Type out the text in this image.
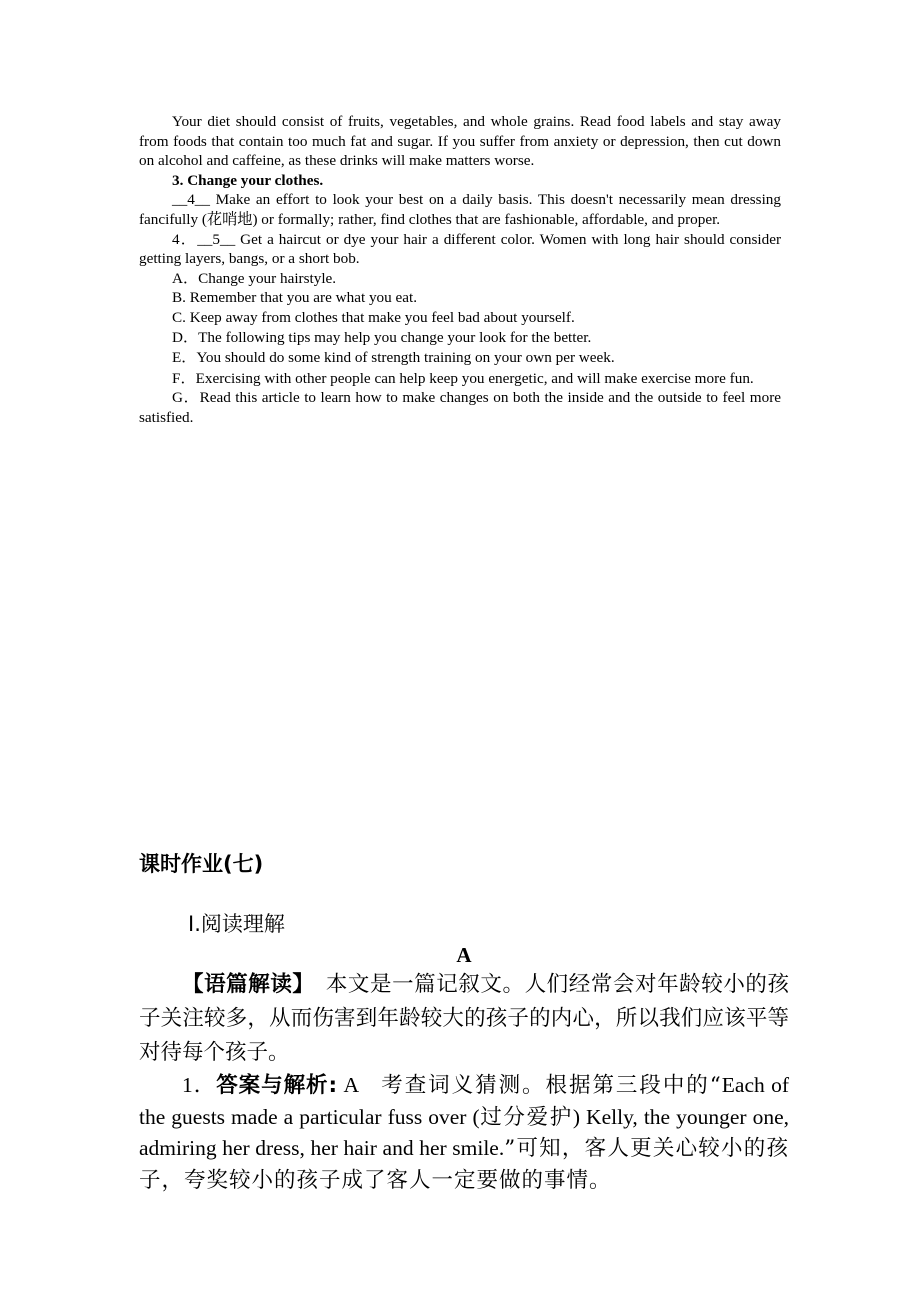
Your diet should consist of fruits, vegetables, and whole grains. Read food labels and stay away from foods that contain too much fat and sugar. If you suffer from anxiety or depression, then cut down on alcohol and caffeine, as these drinks will make matters worse.

3. Change your clothes.

__4__ Make an effort to look your best on a daily basis. This doesn't necessarily mean dressing fancifully (花哨地) or formally; rather, find clothes that are fashionable, affordable, and proper.

4．__5__ Get a haircut or dye your hair a different color. Women with long hair should consider getting layers, bangs, or a short bob.

A．Change your hairstyle.

B. Remember that you are what you eat.

C. Keep away from clothes that make you feel bad about yourself.

D．The following tips may help you change your look for the better.

E．You should do some kind of strength training on your own per week.

F．Exercising with other people can help keep you energetic, and will make exercise more fun.

G．Read this article to learn how to make changes on both the inside and the outside to feel more satisfied.

课时作业(七)

Ⅰ.阅读理解

A

【语篇解读】　本文是一篇记叙文。人们经常会对年龄较小的孩子关注较多，从而伤害到年龄较大的孩子的内心，所以我们应该平等对待每个孩子。

1．答案与解析: A　考查词义猜测。根据第三段中的“Each of the guests made a particular fuss over (过分爱护) Kelly, the younger one, admiring her dress, her hair and her smile.”可知，客人更关心较小的孩子，夸奖较小的孩子成了客人一定要做的事情。
